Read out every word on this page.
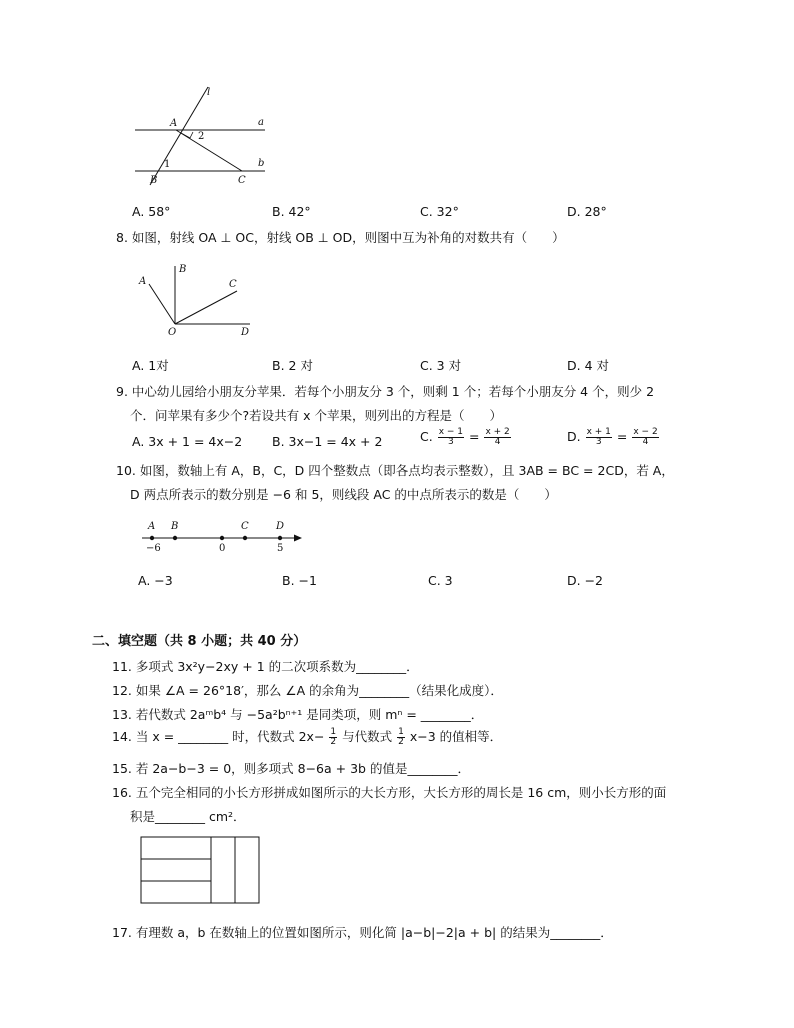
l
a
b
A
B	C
1
2
A. 58°	B. 42°	C. 32°	D. 28°
8. 如图，射线 OA ⊥ OC，射线 OB ⊥ OD，则图中互为补角的对数共有（　　）
A
B
C
O	D
A. 1对	B. 2 对	C. 3 对	D. 4 对
9. 中心幼儿园给小朋友分苹果．若每个小朋友分 3 个，则剩 1 个；若每个小朋友分 4 个，则少 2
个．问苹果有多少个?若设共有 x 个苹果，则列出的方程是（　　）
A. 3x + 1 = 4x−2 B. 3x−1 = 4x + 2	C. $\frac{x - 1}{3} = \frac{x + 2}{4}$	D. $\frac{x + 1}{3} = \frac{x - 2}{4}$
10. 如图，数轴上有 A，B，C，D 四个整数点（即各点均表示整数），且 3AB = BC = 2CD，若 A，
D 两点所表示的数分别是 −6 和 5，则线段 AC 的中点所表示的数是（　　）
A B	C	D
−6	0	5
A. −3	B. −1	C. 3	D. −2
二、填空题（共 8 小题；共 40 分）
11. 多项式 3x²y−2xy + 1 的二次项系数为________．
12. 如果 ∠A = 26°18′，那么 ∠A 的余角为________（结果化成度）．
13. 若代数式 2aᵐb⁴ 与 −5a²bⁿ⁺¹ 是同类项，则 mⁿ = ________．
14. 当 x = ________ 时，代数式 $2x- \frac{1}{2}$ 与代数式 $\frac{1}{2} x-3$ 的值相等．
15. 若 2a−b−3 = 0，则多项式 8−6a + 3b 的值是________．
16. 五个完全相同的小长方形拼成如图所示的大长方形，大长方形的周长是 16 cm，则小长方形的面
积是________ cm²．
17. 有理数 a，b 在数轴上的位置如图所示，则化简 |a−b|−2|a + b| 的结果为________．
